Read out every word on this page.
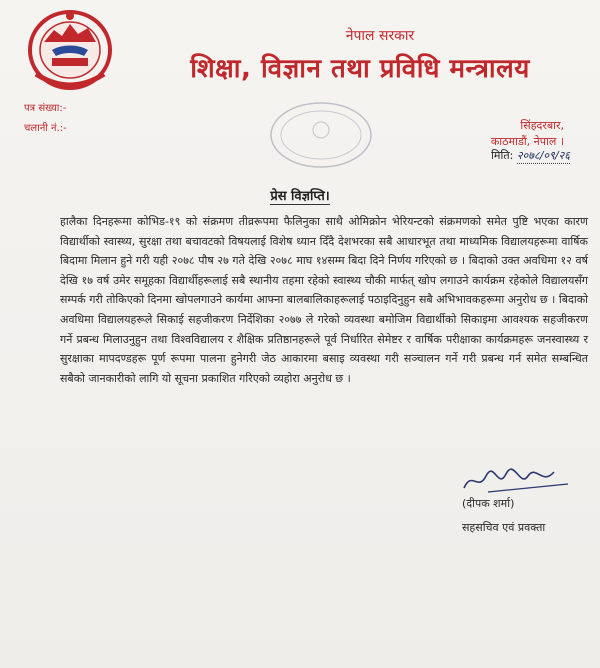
नेपाल सरकार
शिक्षा, विज्ञान तथा प्रविधि मन्त्रालय
पत्र संख्या:-
चलानी नं.:-	सिंहदरबार,
काठमाडौं, नेपाल ।
मिति: २०७८/०९/२६
प्रेस विज्ञप्ति।
हालैका दिनहरूमा कोभिड-१९ को संक्रमण तीव्ररूपमा फैलिनुका साथै ओमिक्रोन भेरियन्टको संक्रमणको समेत पुष्टि भएका कारण विद्यार्थीको स्वास्थ्य, सुरक्षा तथा बचावटको विषयलाई विशेष ध्यान दिँदै देशभरका सबै आधारभूत तथा माध्यमिक विद्यालयहरूमा वार्षिक बिदामा मिलान हुने गरी यही २०७८ पौष २७ गते देखि २०७८ माघ १४सम्म बिदा दिने निर्णय गरिएको छ । बिदाको उक्त अवधिमा १२ वर्ष देखि १७ वर्ष उमेर समूहका विद्यार्थीहरूलाई सबै स्थानीय तहमा रहेको स्वास्थ्य चौकी मार्फत् खोप लगाउने कार्यक्रम रहेकोले विद्यालयसँग सम्पर्क गरी तोकिएको दिनमा खोपलगाउने कार्यमा आफ्ना बालबालिकाहरूलाई पठाइदिनुहुन सबै अभिभावकहरूमा अनुरोध छ । बिदाको अवधिमा विद्यालयहरूले सिकाई सहजीकरण निर्देशिका २०७७ ले गरेको व्यवस्था बमोजिम विद्यार्थीको सिकाइमा आवश्यक सहजीकरण गर्ने प्रबन्ध मिलाउनुहुन तथा विश्वविद्यालय र शैक्षिक प्रतिष्ठानहरूले पूर्व निर्धारित सेमेष्टर र वार्षिक परीक्षाका कार्यक्रमहरू जनस्वास्थ्य र सुरक्षाका मापदण्डहरू पूर्ण रूपमा पालना हुनेगरी जेठ आकारमा बसाइ व्यवस्था गरी सञ्चालन गर्ने गरी प्रबन्ध गर्न समेत सम्बन्धित सबैको जानकारीको लागि यो सूचना प्रकाशित गरिएको व्यहोरा अनुरोध छ ।
(दीपक शर्मा)
सहसचिव एवं प्रवक्ता
